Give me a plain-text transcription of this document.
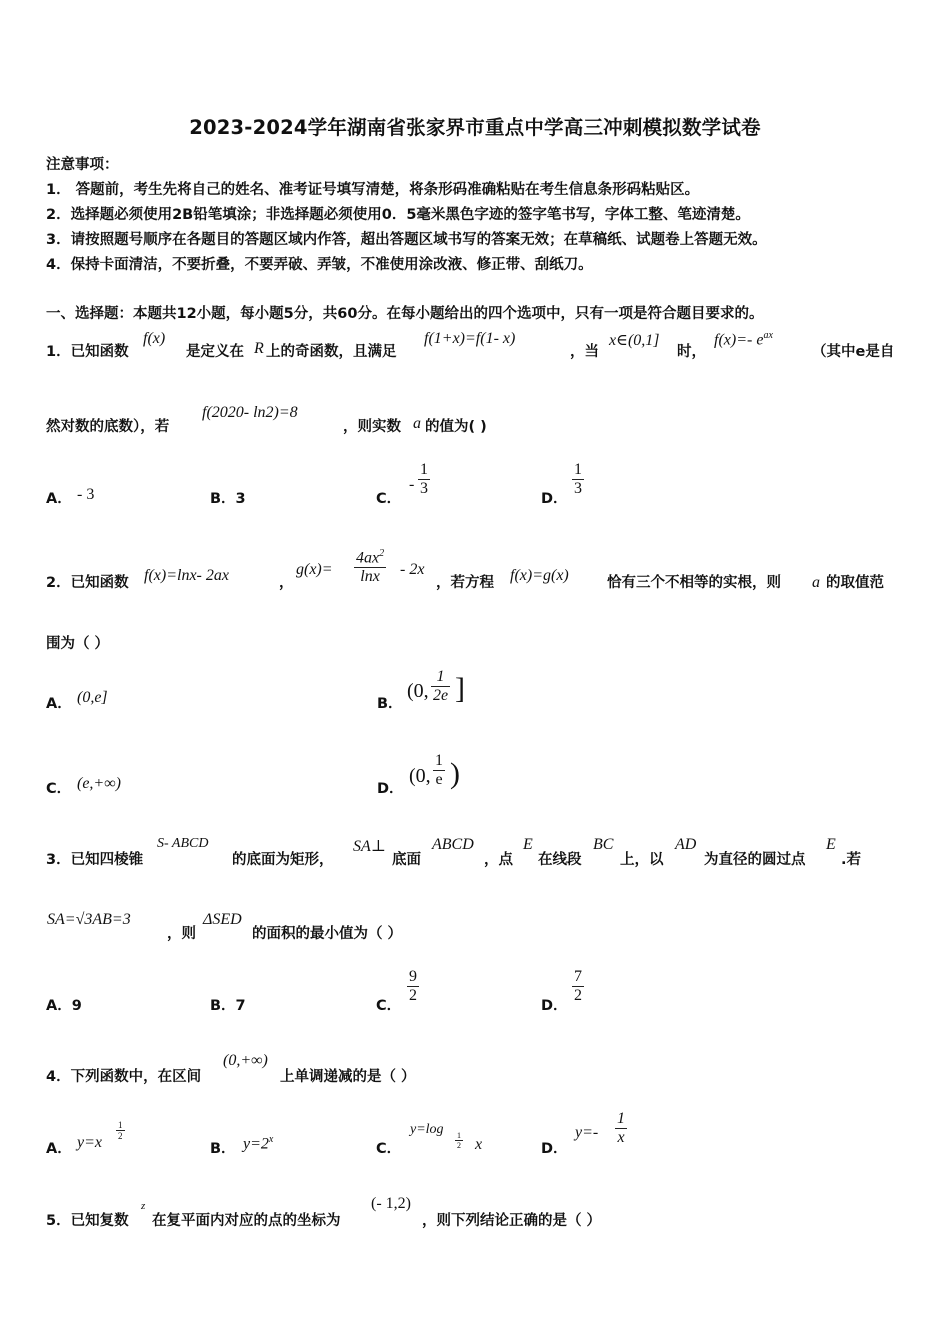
2023-2024学年湖南省张家界市重点中学高三冲刺模拟数学试卷
注意事项：
1． 答题前，考生先将自己的姓名、准考证号填写清楚，将条形码准确粘贴在考生信息条形码粘贴区。
2．选择题必须使用2B铅笔填涂；非选择题必须使用0．5毫米黑色字迹的签字笔书写，字体工整、笔迹清楚。
3．请按照题号顺序在各题目的答题区域内作答，超出答题区域书写的答案无效；在草稿纸、试题卷上答题无效。
4．保持卡面清洁，不要折叠，不要弄破、弄皱，不准使用涂改液、修正带、刮纸刀。
一、选择题：本题共12小题，每小题5分，共60分。在每小题给出的四个选项中，只有一项是符合题目要求的。
1．已知函数
f(x)
是定义在 R 上的奇函数，且满足
f(1+x)=f(1- x)
，当
x∈(0,1]
时，
f(x)=- $e^{ax}$
（其中e是自
然对数的底数），若
f(2020- ln2)=8
，则实数 a 的值为( )
A． - 3	B．3	C．
- $\frac{1}{3}$
D．
$\frac{1}{3}$
2．已知函数 f(x)=lnx- 2ax	，
$g(x)= \frac{4ax^2}{\ln x} - 2x$
，若方程 f(x)=g(x)	恰有三个不相等的实根，则 a 的取值范
围为（ ）
A． (0,e]	B．
(0, $\frac{1}{2e}$ ]
C． (e,+∞)	D．
(0, $\frac{1}{e}$ )
3．已知四棱锥
S- ABCD
的底面为矩形，
SA⊥
底面
ABCD
，点
E
在线段
BC
上，以
AD
为直径的圆过点
E
.若
SA=√3AB=3
，则
ΔSED
的面积的最小值为（ ）
A．9	B．7	C．
$\frac{9}{2}$
D．
$\frac{7}{2}$
4．下列函数中，在区间
(0,+∞)
上单调递减的是（ ）
A． y=x
$\frac{1}{2}$
B． $y=2^x$
C．
y=log
$\frac{1}{2}$ x	D．
$y=- \frac{1}{x}$
5．已知复数
z
在复平面内对应的点的坐标为
(- 1,2)
，则下列结论正确的是（ ）
